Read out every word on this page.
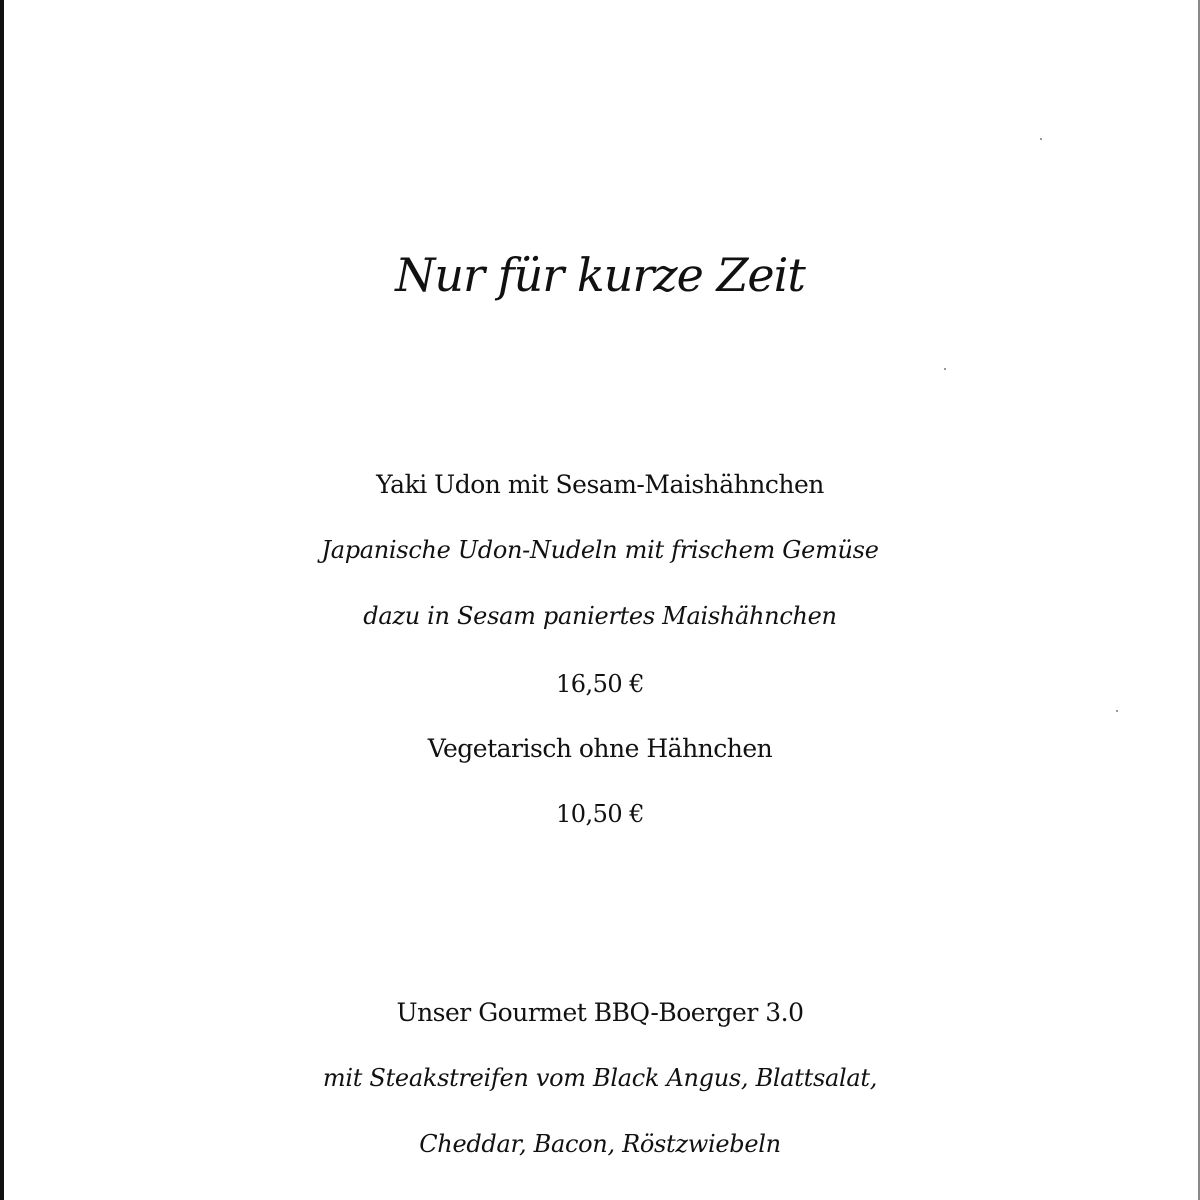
Nur für kurze Zeit
Yaki Udon mit Sesam-Maishähnchen
Japanische Udon-Nudeln mit frischem Gemüse
dazu in Sesam paniertes Maishähnchen
16,50 €
Vegetarisch ohne Hähnchen
10,50 €
Unser Gourmet BBQ-Boerger 3.0
mit Steakstreifen vom Black Angus, Blattsalat,
Cheddar, Bacon, Röstzwiebeln
